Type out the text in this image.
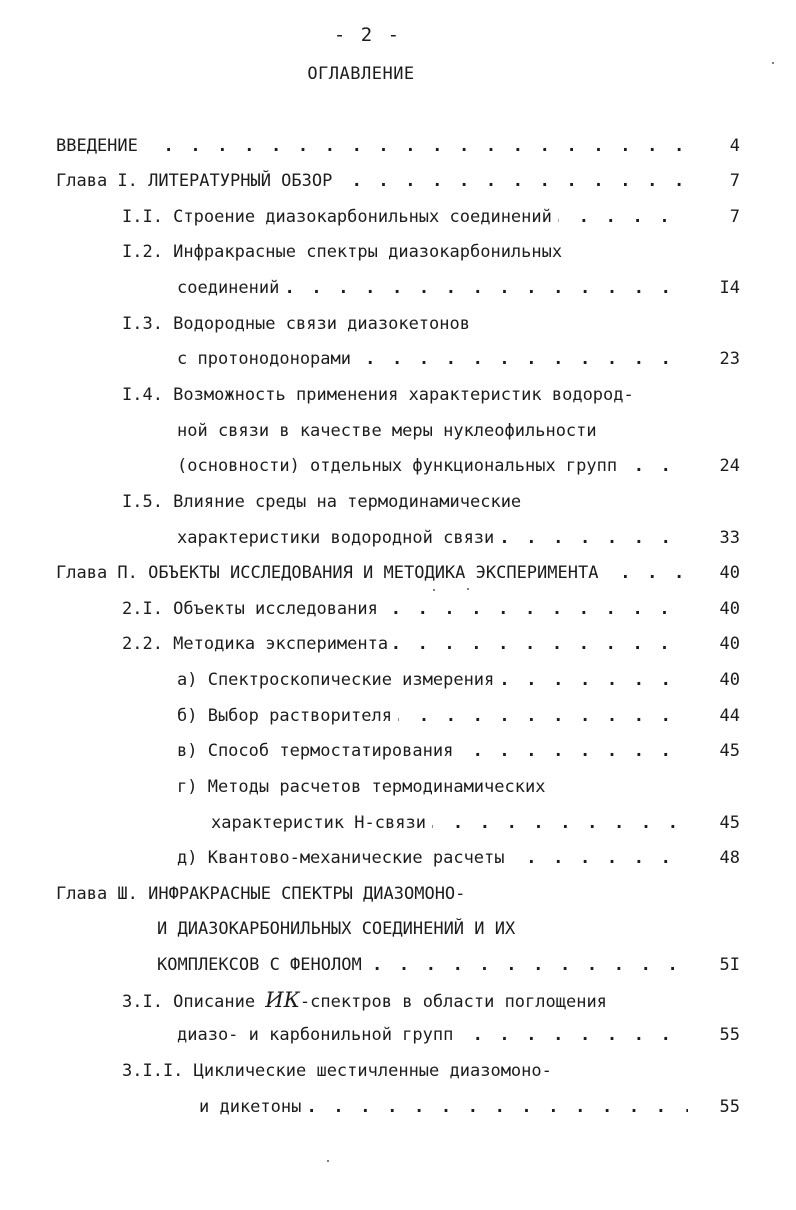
- 2 -
ОГЛАВЛЕНИЕ
. . .
ВВЕДЕНИЕ	4
. . .
Глава I. ЛИТЕРАТУРНЫЙ ОБЗОР	7
. . .
I.I. Строение диазокарбонильных соединений	7
I.2. Инфракрасные спектры диазокарбонильных
. . .
соединений	I4
I.3. Водородные связи диазокетонов
. . .
с протонодонорами	23
I.4. Возможность применения характеристик водород-
ной связи в качестве меры нуклеофильности
. . .
(основности) отдельных функциональных групп	24
I.5. Влияние среды на термодинамические
. . .
характеристики водородной связи	33
. . .
Глава П. ОБЪЕКТЫ ИССЛЕДОВАНИЯ И МЕТОДИКА ЭКСПЕРИМЕНТА	40
. . .
2.I. Объекты исследования	40
. . .
2.2. Методика эксперимента	40
. . .
а) Спектроскопические измерения	40
. . .
б) Выбор растворителя	44
. . .
в) Способ термостатирования	45
г) Методы расчетов термодинамических
. . .
характеристик Н-связи	45
. . .
д) Квантово-механические расчеты	48
Глава Ш. ИНФРАКРАСНЫЕ СПЕКТРЫ ДИАЗОМОНО-
И ДИАЗОКАРБОНИЛЬНЫХ СОЕДИНЕНИЙ И ИХ
. . .
КОМПЛЕКСОВ С ФЕНОЛОМ	5I
3.I. Описание ИК-спектров в области поглощения
. . .
диазо- и карбонильной групп	55
3.I.I. Циклические шестичленные диазомоно-
. . .
и дикетоны	55
